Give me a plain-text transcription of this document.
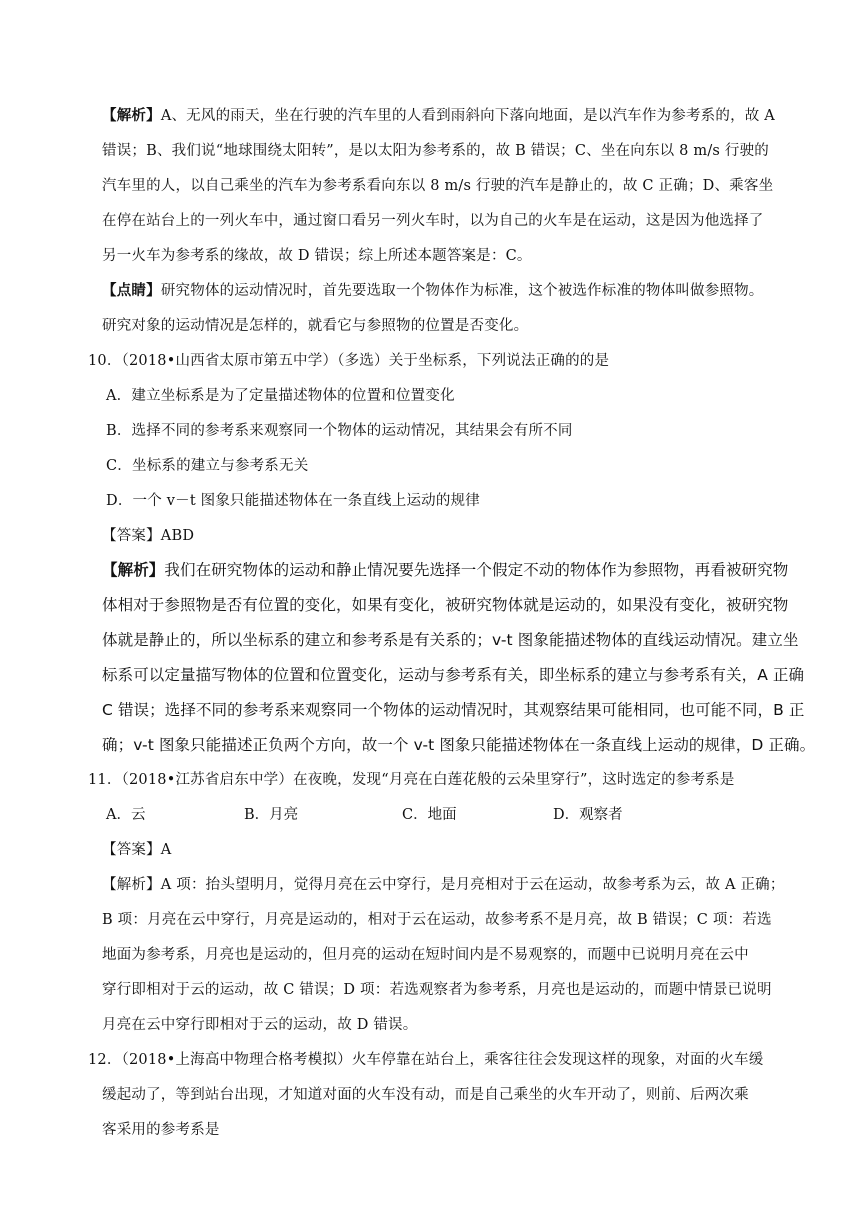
【解析】A、无风的雨天，坐在行驶的汽车里的人看到雨斜向下落向地面，是以汽车作为参考系的，故 A
错误；B、我们说“地球围绕太阳转”，是以太阳为参考系的，故 B 错误；C、坐在向东以 8 m/s 行驶的
汽车里的人，以自己乘坐的汽车为参考系看向东以 8 m/s 行驶的汽车是静止的，故 C 正确；D、乘客坐
在停在站台上的一列火车中，通过窗口看另一列火车时，以为自己的火车是在运动，这是因为他选择了
另一火车为参考系的缘故，故 D 错误；综上所述本题答案是：C。
【点睛】研究物体的运动情况时，首先要选取一个物体作为标准，这个被选作标准的物体叫做参照物。
研究对象的运动情况是怎样的，就看它与参照物的位置是否变化。
10．（2018•山西省太原市第五中学）（多选）关于坐标系，下列说法正确的的是
A．建立坐标系是为了定量描述物体的位置和位置变化
B．选择不同的参考系来观察同一个物体的运动情况，其结果会有所不同
C．坐标系的建立与参考系无关
D．一个 v－t 图象只能描述物体在一条直线上运动的规律
【答案】ABD
【解析】我们在研究物体的运动和静止情况要先选择一个假定不动的物体作为参照物，再看被研究物
体相对于参照物是否有位置的变化，如果有变化，被研究物体就是运动的，如果没有变化，被研究物
体就是静止的，所以坐标系的建立和参考系是有关系的；v-t 图象能描述物体的直线运动情况。建立坐
标系可以定量描写物体的位置和位置变化，运动与参考系有关，即坐标系的建立与参考系有关，A 正确
C 错误；选择不同的参考系来观察同一个物体的运动情况时，其观察结果可能相同，也可能不同，B 正
确；v-t 图象只能描述正负两个方向，故一个 v-t 图象只能描述物体在一条直线上运动的规律，D 正确。
11．（2018•江苏省启东中学）在夜晚，发现“月亮在白莲花般的云朵里穿行”，这时选定的参考系是
A．云	B．月亮	C．地面	D．观察者
【答案】A
【解析】A 项：抬头望明月，觉得月亮在云中穿行，是月亮相对于云在运动，故参考系为云，故 A 正确；
B 项：月亮在云中穿行，月亮是运动的，相对于云在运动，故参考系不是月亮，故 B 错误；C 项：若选
地面为参考系，月亮也是运动的，但月亮的运动在短时间内是不易观察的，而题中已说明月亮在云中
穿行即相对于云的运动，故 C 错误；D 项：若选观察者为参考系，月亮也是运动的，而题中情景已说明
月亮在云中穿行即相对于云的运动，故 D 错误。
12．（2018•上海高中物理合格考模拟）火车停靠在站台上，乘客往往会发现这样的现象，对面的火车缓
缓起动了，等到站台出现，才知道对面的火车没有动，而是自己乘坐的火车开动了，则前、后两次乘
客采用的参考系是
